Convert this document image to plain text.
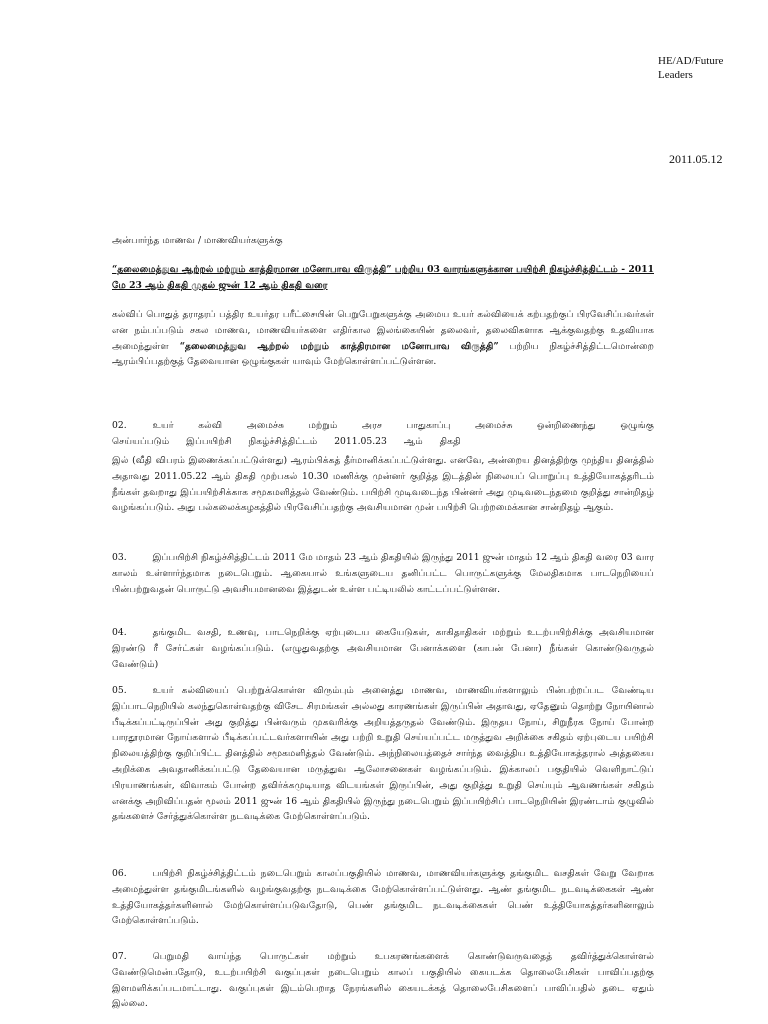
HE/AD/Future
Leaders
2011.05.12
அன்பார்ந்த மாணவ / மாணவியர்களுக்கு
“தலைமைத்துவ ஆற்றல் மற்றும் காத்திரமான மனோபாவ விருத்தி” பற்றிய 03 வாரங்களுக்கான பயிற்சி நிகழ்ச்சித்திட்டம் - 2011 மே 23 ஆம் திகதி முதல் ஜுன் 12 ஆம் திகதி வரை
கல்விப் பொதுத் தராதரப் பத்திர உயர்தர பரீட்சையின் பெறுபேறுகளுக்கு அமைய உயர் கல்வியைக் கற்பதற்குப் பிரவேசிப்பவர்கள் என நம்பப்படும் சகல மாணவ, மாணவியர்களை எதிர்கால இலங்கையின் தலைவர், தலைவிகளாக ஆக்குவதற்கு உதவியாக அமைந்துள்ள “தலைமைத்துவ ஆற்றல் மற்றும் காத்திரமான மனோபாவ விருத்தி” பற்றிய நிகழ்ச்சித்திட்டமொன்றை ஆரம்பிப்பதற்குத் தேவையான ஒழுங்குகள் யாவும் மேற்கொள்ளப்பட்டுள்ளன.
02.	உயர் கல்வி அமைச்சு மற்றும் அரச பாதுகாப்பு அமைச்சு ஒன்றிணைந்து ஒழுங்கு செய்யப்படும் இப்பயிற்சி நிகழ்ச்சித்திட்டம் 2011.05.23 ஆம் திகதி
இல் (வீதி விபரம் இணைக்கப்பட்டுள்ளது) ஆரம்பிக்கத் தீர்மானிக்கப்பட்டுள்ளது. எனவே, அன்றைய தினத்திற்கு முந்திய தினத்தில் அதாவது 2011.05.22 ஆம் திகதி முற்பகல் 10.30 மணிக்கு முன்னர் குறித்த இடத்தின் நிலையப் பொறுப்பு உத்தியோகத்தரிடம் நீங்கள் தவறாது இப்பயிற்சிக்காக சமூகமளித்தல் வேண்டும். பயிற்சி முடிவடைந்த பின்னர் அது முடிவடைந்தமை குறித்து சான்றிதழ் வழங்கப்படும். அது பல்கலைக்கழகத்தில் பிரவேசிப்பதற்கு அவசியமான முன் பயிற்சி பெற்றமைக்கான சான்றிதழ் ஆகும்.
03.	இப்பயிற்சி நிகழ்ச்சித்திட்டம் 2011 மே மாதம் 23 ஆம் திகதியில் இருந்து 2011 ஜுன் மாதம் 12 ஆம் திகதி வரை 03 வார காலம் உள்ளார்ந்தமாக நடைபெறும். ஆகையால் உங்களுடைய தனிப்பட்ட பொருட்களுக்கு மேலதிகமாக பாடநெறியைப் பின்பற்றுவதன் பொருட்டு அவசியமானவை இத்துடன் உள்ள பட்டியலில் காட்டப்பட்டுள்ளன.
04.	தங்குமிட வசதி, உணவு, பாடநெறிக்கு ஏற்புடைய கையேடுகள், காகிதாதிகள் மற்றும் உடற்பயிற்சிக்கு அவசியமான இரண்டு ரீ சேர்ட்கள் வழங்கப்படும். (எழுதுவதற்கு அவசியமான பேனாக்களை (காபன் பேனா) நீங்கள் கொண்டுவருதல் வேண்டும்)
05.	உயர் கல்வியைப் பெற்றுக்கொள்ள விரும்பும் அனைத்து மாணவ, மாணவியர்களாலும் பின்பற்றப்பட வேண்டிய இப்பாடநெறியில் கலந்துகொள்வதற்கு விசேட சிரமங்கள் அல்லது காரணங்கள் இருப்பின் அதாவது, ஏதேனும் தொற்று நோயினால் பீடிக்கப்பட்டிருப்பின் அது குறித்து பின்வரும் முகவரிக்கு அறியத்தருதல் வேண்டும். இருதய நோய், சிறுநீரக நோய் போன்ற பாரதூரமான நோய்களால் பீடிக்கப்பட்டவர்களாயின் அது பற்றி உறுதி செய்யப்பட்ட மருத்துவ அறிக்கை சகிதம் ஏற்புடைய பயிற்சி நிலையத்திற்கு குறிப்பிட்ட தினத்தில் சமூகமளித்தல் வேண்டும். அந்நிலையத்தைச் சார்ந்த வைத்திய உத்தியோகத்தரால் அத்தகைய அறிக்கை அவதானிக்கப்பட்டு தேவையான மருத்துவ ஆலோசனைகள் வழங்கப்படும். இக்காலப் பகுதியில் வெளிநாட்டுப் பிரயாணங்கள், விவாகம் போன்ற தவிர்க்கமுடியாத விடயங்கள் இருப்பின், அது குறித்து உறுதி செய்யும் ஆவணங்கள் சகிதம் எனக்கு அறிவிப்பதன் மூலம் 2011 ஜுன் 16 ஆம் திகதியில் இருந்து நடைபெறும் இப்பயிற்சிப் பாடநெறியின் இரண்டாம் குழுவில் தங்களைச் சேர்த்துக்கொள்ள நடவடிக்கை மேற்கொள்ளப்படும்.
06.	பயிற்சி நிகழ்ச்சித்திட்டம் நடைபெறும் காலப்பகுதியில் மாணவ, மாணவியர்களுக்கு தங்குமிட வசதிகள் வேறு வேறாக அமைந்துள்ள தங்குமிடங்களில் வழங்குவதற்கு நடவடிக்கை மேற்கொள்ளப்பட்டுள்ளது. ஆண் தங்குமிட நடவடிக்கைகள் ஆண் உத்தியோகத்தர்களினால் மேற்கொள்ளப்படுவதோடு, பெண் தங்குமிட நடவடிக்கைகள் பெண் உத்தியோகத்தர்களினாலும் மேற்கொள்ளப்படும்.
07.	பெறுமதி வாய்ந்த பொருட்கள் மற்றும் உபகரணங்களைக் கொண்டுவருவதைத் தவிர்த்துக்கொள்ளல் வேண்டுமென்பதோடு, உடற்பயிற்சி வகுப்புகள் நடைபெறும் காலப் பகுதியில் கையடக்க தொலைபேசிகள் பாவிப்பதற்கு இளமளிக்கப்படமாட்டாது. வகுப்புகள் இடம்பெறாத நேரங்களில் கையடக்கத் தொலைபேசிகளைப் பாவிப்பதில் தடை ஏதும் இல்லை.
